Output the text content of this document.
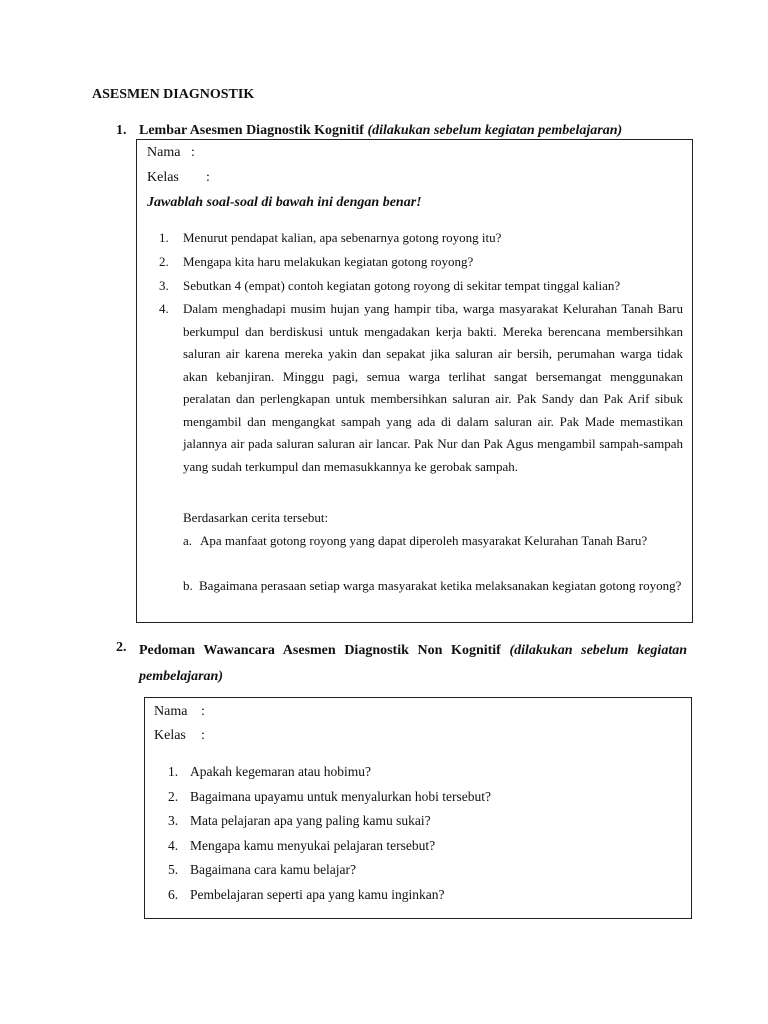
ASESMEN DIAGNOSTIK
1. Lembar Asesmen Diagnostik Kognitif (dilakukan sebelum kegiatan pembelajaran)
Nama :
Kelas :
Jawablah soal-soal di bawah ini dengan benar!
1. Menurut pendapat kalian, apa sebenarnya gotong royong itu?
2. Mengapa kita haru melakukan kegiatan gotong royong?
3. Sebutkan 4 (empat) contoh kegiatan gotong royong di sekitar tempat tinggal kalian?
4. Dalam menghadapi musim hujan yang hampir tiba, warga masyarakat Kelurahan Tanah Baru berkumpul dan berdiskusi untuk mengadakan kerja bakti. Mereka berencana membersihkan saluran air karena mereka yakin dan sepakat jika saluran air bersih, perumahan warga tidak akan kebanjiran. Minggu pagi, semua warga terlihat sangat bersemangat menggunakan peralatan dan perlengkapan untuk membersihkan saluran air. Pak Sandy dan Pak Arif sibuk mengambil dan mengangkat sampah yang ada di dalam saluran air. Pak Made memastikan jalannya air pada saluran saluran air lancar. Pak Nur dan Pak Agus mengambil sampah-sampah yang sudah terkumpul dan memasukkannya ke gerobak sampah.
Berdasarkan cerita tersebut:
a. Apa manfaat gotong royong yang dapat diperoleh masyarakat Kelurahan Tanah Baru?
b. Bagaimana perasaan setiap warga masyarakat ketika melaksanakan kegiatan gotong royong?
2. Pedoman Wawancara Asesmen Diagnostik Non Kognitif (dilakukan sebelum kegiatan pembelajaran)
Nama :
Kelas :
1. Apakah kegemaran atau hobimu?
2. Bagaimana upayamu untuk menyalurkan hobi tersebut?
3. Mata pelajaran apa yang paling kamu sukai?
4. Mengapa kamu menyukai pelajaran tersebut?
5. Bagaimana cara kamu belajar?
6. Pembelajaran seperti apa yang kamu inginkan?
